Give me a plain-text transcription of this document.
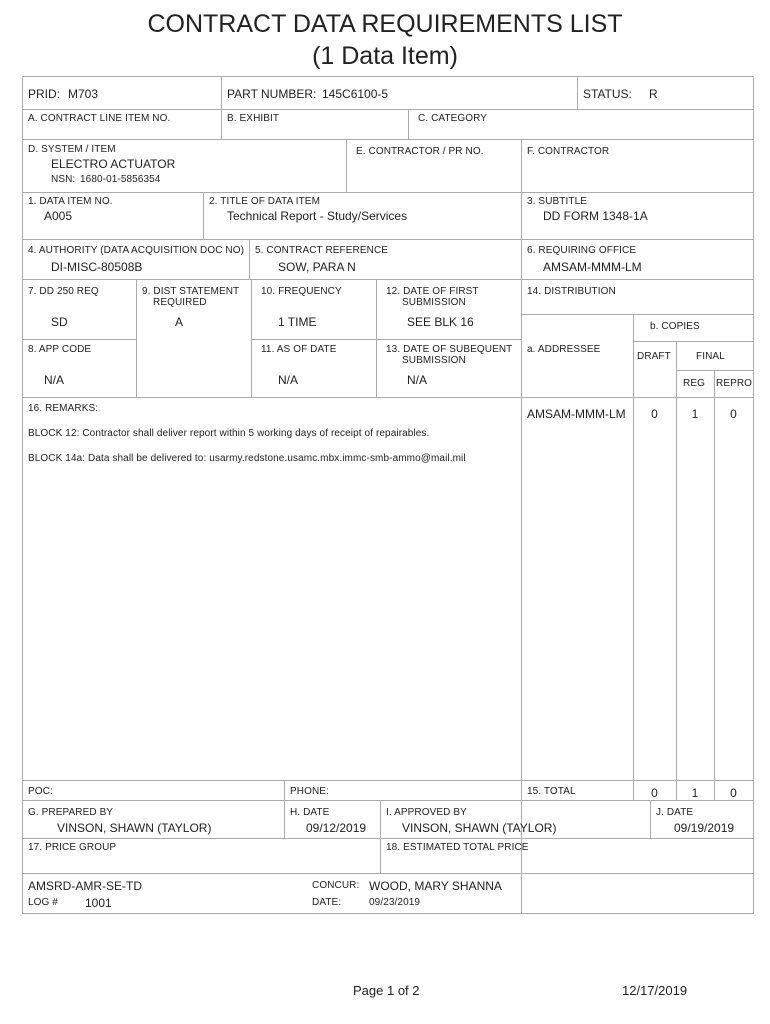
CONTRACT DATA REQUIREMENTS LIST
(1 Data Item)
PRID: M703	PART NUMBER: 145C6100-5	STATUS: R
A. CONTRACT LINE ITEM NO.	B. EXHIBIT	C. CATEGORY
D. SYSTEM / ITEM
ELECTRO ACTUATOR
NSN: 1680-01-5856354
E. CONTRACTOR / PR NO.	F. CONTRACTOR
1. DATA ITEM NO.
A005
2. TITLE OF DATA ITEM
Technical Report - Study/Services
3. SUBTITLE
DD FORM 1348-1A
4. AUTHORITY (DATA ACQUISITION DOC NO)
DI-MISC-80508B
5. CONTRACT REFERENCE
SOW, PARA N
6. REQUIRING OFFICE
AMSAM-MMM-LM
7. DD 250 REQ
SD
9. DIST STATEMENT
REQUIRED
A
10. FREQUENCY
1 TIME
12. DATE OF FIRST
SUBMISSION
SEE BLK 16
14. DISTRIBUTION
b. COPIES
8. APP CODE
N/A
11. AS OF DATE
N/A
13. DATE OF SUBEQUENT
SUBMISSION
N/A
a. ADDRESSEE
DRAFT	FINAL
REG REPRO
16. REMARKS:
BLOCK 12: Contractor shall deliver report within 5 working days of receipt of repairables.
BLOCK 14a: Data shall be delivered to: usarmy.redstone.usamc.mbx.immc-smb-ammo@mail.mil
AMSAM-MMM-LM	0	1	0
POC:	PHONE:	15. TOTAL	0	1	0
G. PREPARED BY
VINSON, SHAWN (TAYLOR)
H. DATE
09/12/2019
I. APPROVED BY
VINSON, SHAWN (TAYLOR)
J. DATE
09/19/2019
17. PRICE GROUP	18. ESTIMATED TOTAL PRICE
AMSRD-AMR-SE-TD
LOG # 1001
CONCUR: WOOD, MARY SHANNA
DATE:	09/23/2019
Page 1 of 2	12/17/2019
